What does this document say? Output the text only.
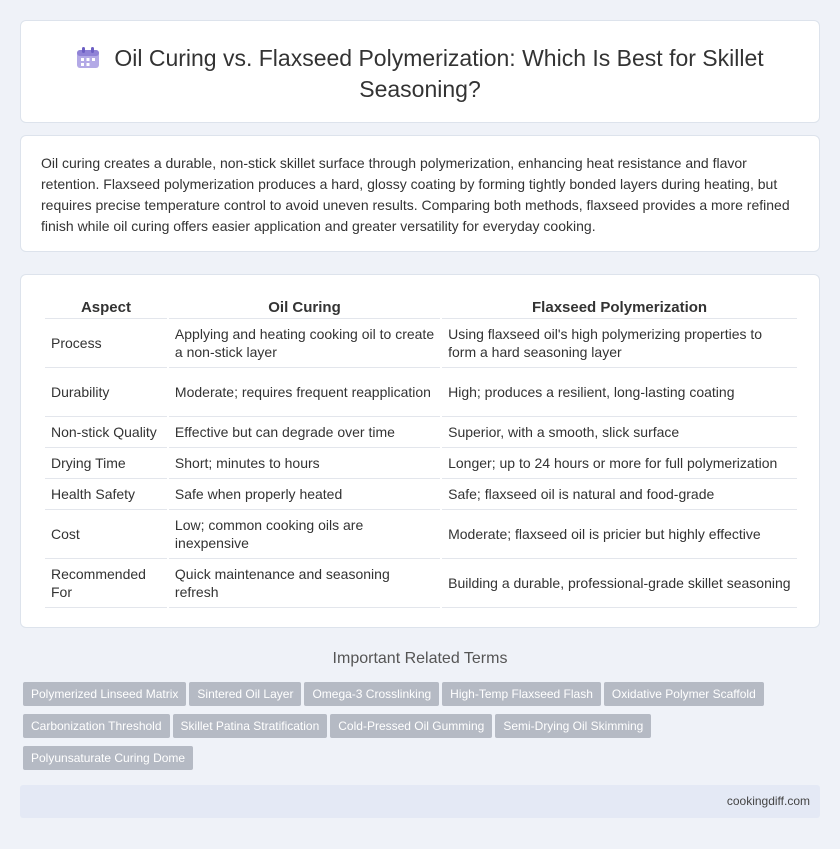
Oil Curing vs. Flaxseed Polymerization: Which Is Best for Skillet Seasoning?

Oil curing creates a durable, non-stick skillet surface through polymerization, enhancing heat resistance and flavor retention. Flaxseed polymerization produces a hard, glossy coating by forming tightly bonded layers during heating, but requires precise temperature control to avoid uneven results. Comparing both methods, flaxseed provides a more refined finish while oil curing offers easier application and greater versatility for everyday cooking.

Aspect	Oil Curing	Flaxseed Polymerization
Process	Applying and heating cooking oil to create a non-stick layer	Using flaxseed oil's high polymerizing properties to form a hard seasoning layer
Durability	Moderate; requires frequent reapplication	High; produces a resilient, long-lasting coating
Non-stick Quality	Effective but can degrade over time	Superior, with a smooth, slick surface
Drying Time	Short; minutes to hours	Longer; up to 24 hours or more for full polymerization
Health Safety	Safe when properly heated	Safe; flaxseed oil is natural and food-grade
Cost	Low; common cooking oils are inexpensive	Moderate; flaxseed oil is pricier but highly effective
Recommended For	Quick maintenance and seasoning refresh	Building a durable, professional-grade skillet seasoning
Important Related Terms
Polymerized Linseed Matrix Sintered Oil Layer Omega-3 Crosslinking High-Temp Flaxseed Flash Oxidative Polymer ScaffoldCarbonization Threshold Skillet Patina Stratification Cold-Pressed Oil Gumming Semi-Drying Oil SkimmingPolyunsaturate Curing Dome
cookingdiff.com
